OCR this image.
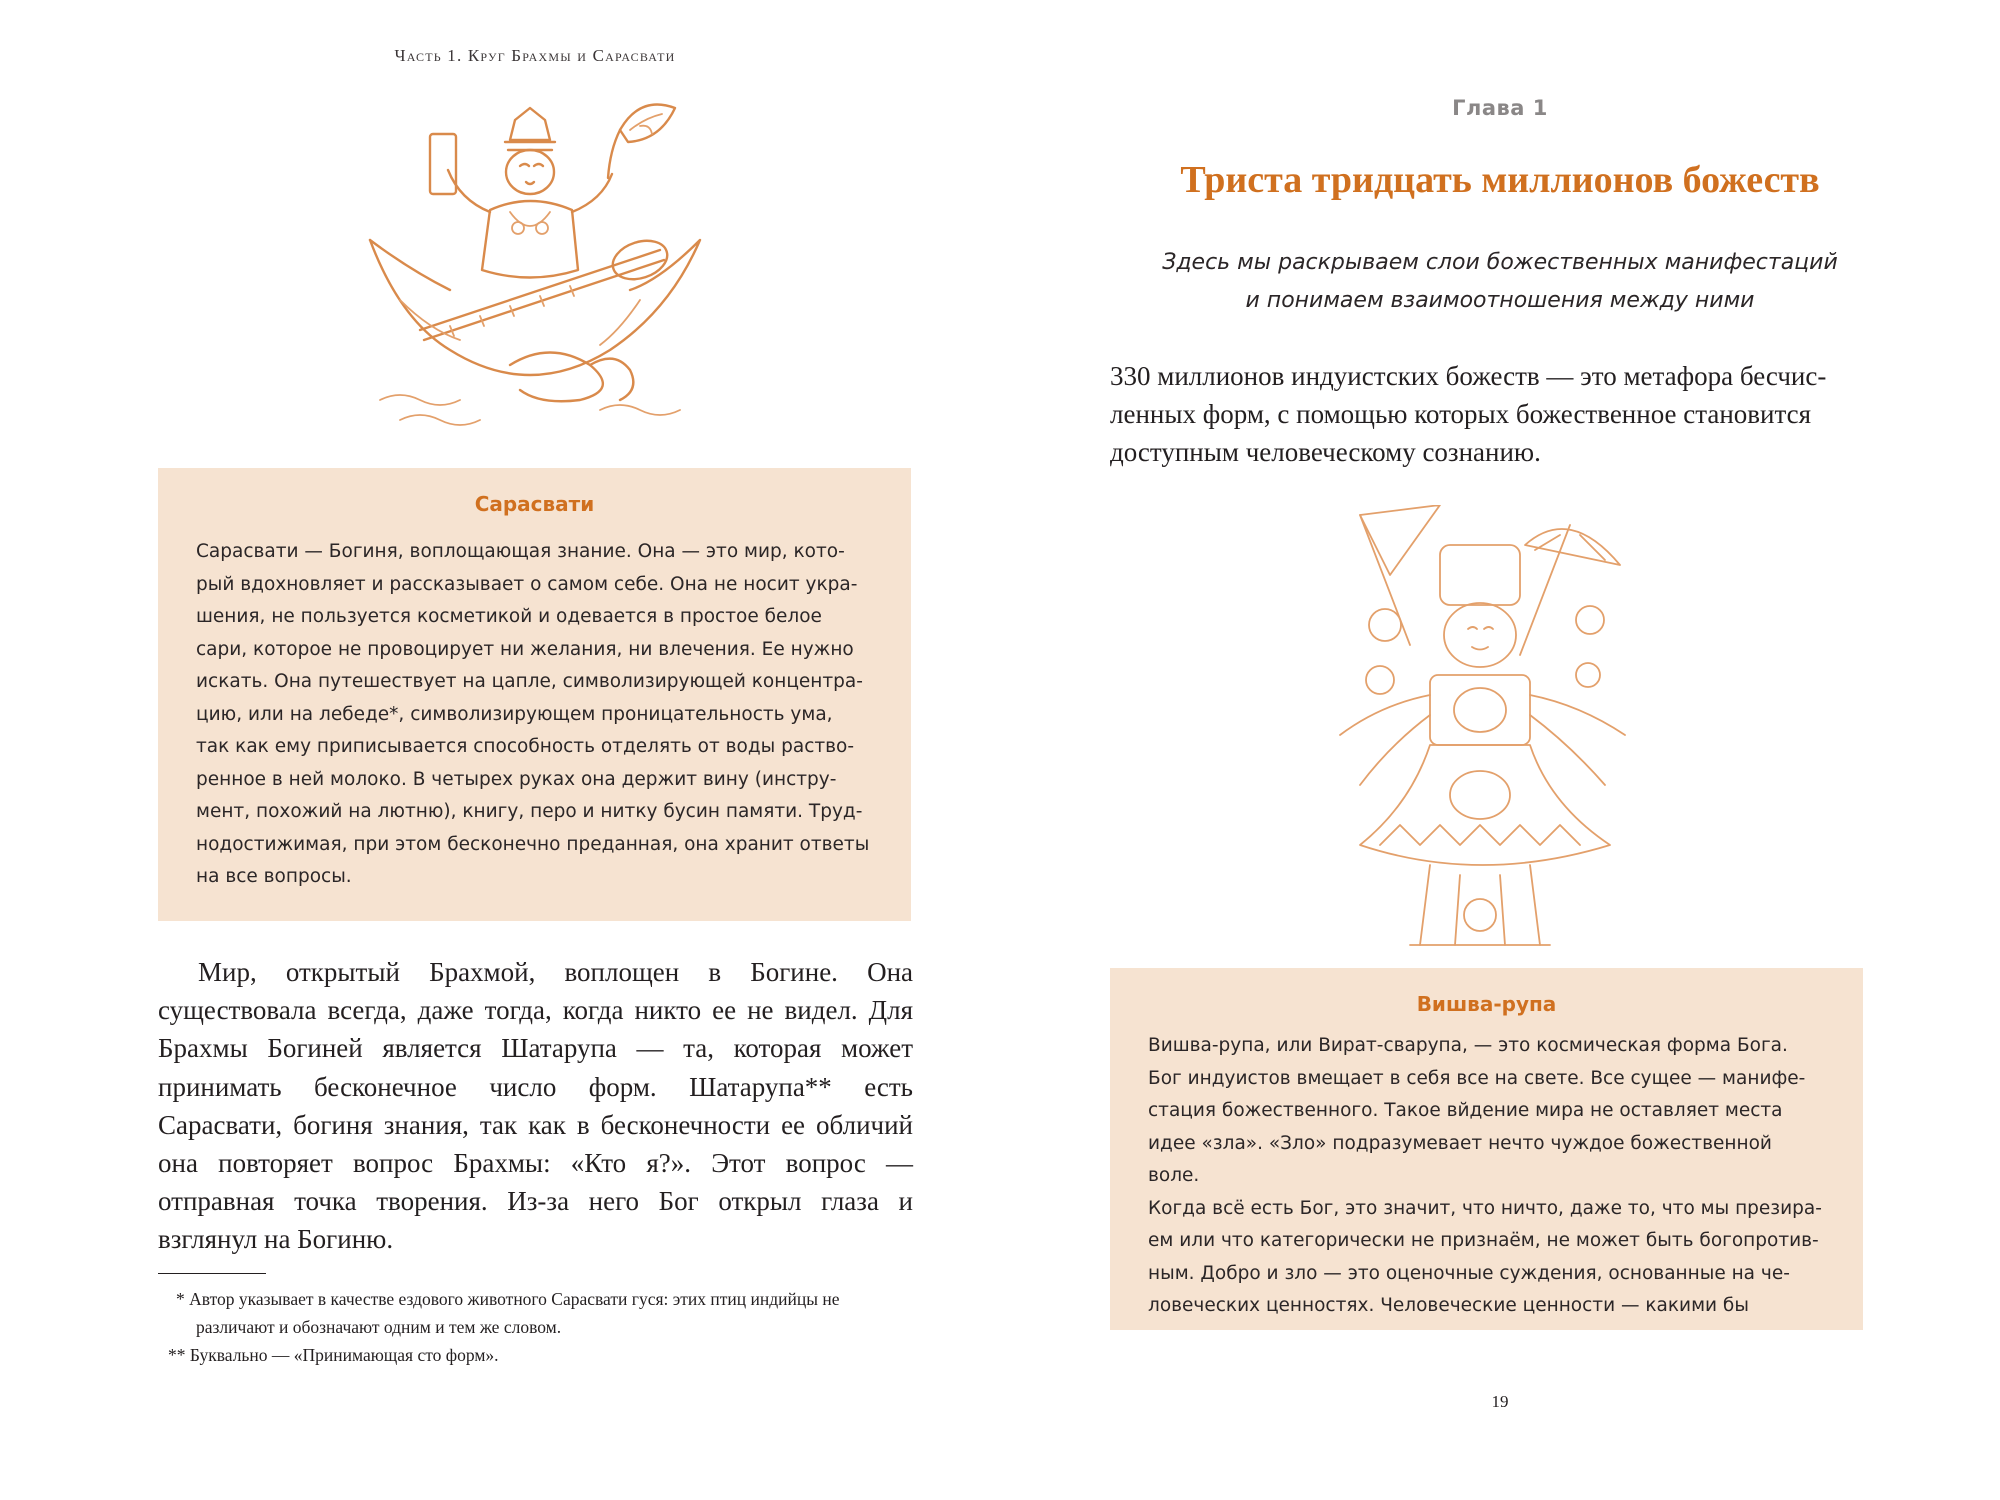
Часть 1. Круг Брахмы и Сарасвати
Сарасвати

Сарасвати — Богиня, воплощающая знание. Она — это мир, кото-

рый вдохновляет и рассказывает о самом себе. Она не носит укра-

шения, не пользуется косметикой и одевается в простое белое

сари, которое не провоцирует ни желания, ни влечения. Ее нужно

искать. Она путешествует на цапле, символизирующей концентра-

цию, или на лебеде*, символизирующем проницательность ума,

так как ему приписывается способность отделять от воды раство-

ренное в ней молоко. В четырех руках она держит вину (инстру-

мент, похожий на лютню), книгу, перо и нитку бусин памяти. Труд-

нодостижимая, при этом бесконечно преданная, она хранит ответы

на все вопросы.

Мир, открытый Брахмой, воплощен в Богине. Она существовала всегда, даже тогда, когда никто ее не видел. Для Брахмы Богиней является Шатарупа — та, которая может принимать бесконечное число форм. Шатарупа** есть Сарасвати, богиня знания, так как в бесконечности ее обличий она повторяет вопрос Брахмы: «Кто я?». Этот вопрос — отправная точка творения. Из-за него Бог открыл глаза и взглянул на Богиню.

* Автор указывает в качестве ездового животного Сарасвати гуся: этих птиц индийцы не различают и обозначают одним и тем же словом.

** Буквально — «Принимающая сто форм».

Глава 1
Триста тридцать миллионов божеств
Здесь мы раскрываем слои божественных манифестаций
и понимаем взаимоотношения между ними

330 миллионов индуистских божеств — это метафора бесчис-

ленных форм, с помощью которых божественное становится

доступным человеческому сознанию.

Вишва-рупа

Вишва-рупа, или Вират-сварупа, — это космическая форма Бога.

Бог индуистов вмещает в себя все на свете. Все сущее — манифе-

стация божественного. Такое вйдение мира не оставляет места

идее «зла». «Зло» подразумевает нечто чуждое божественной воле.

Когда всё есть Бог, это значит, что ничто, даже то, что мы презира-

ем или что категорически не признаём, не может быть богопротив-

ным. Добро и зло — это оценочные суждения, основанные на че-

ловеческих ценностях. Человеческие ценности — какими бы

19
